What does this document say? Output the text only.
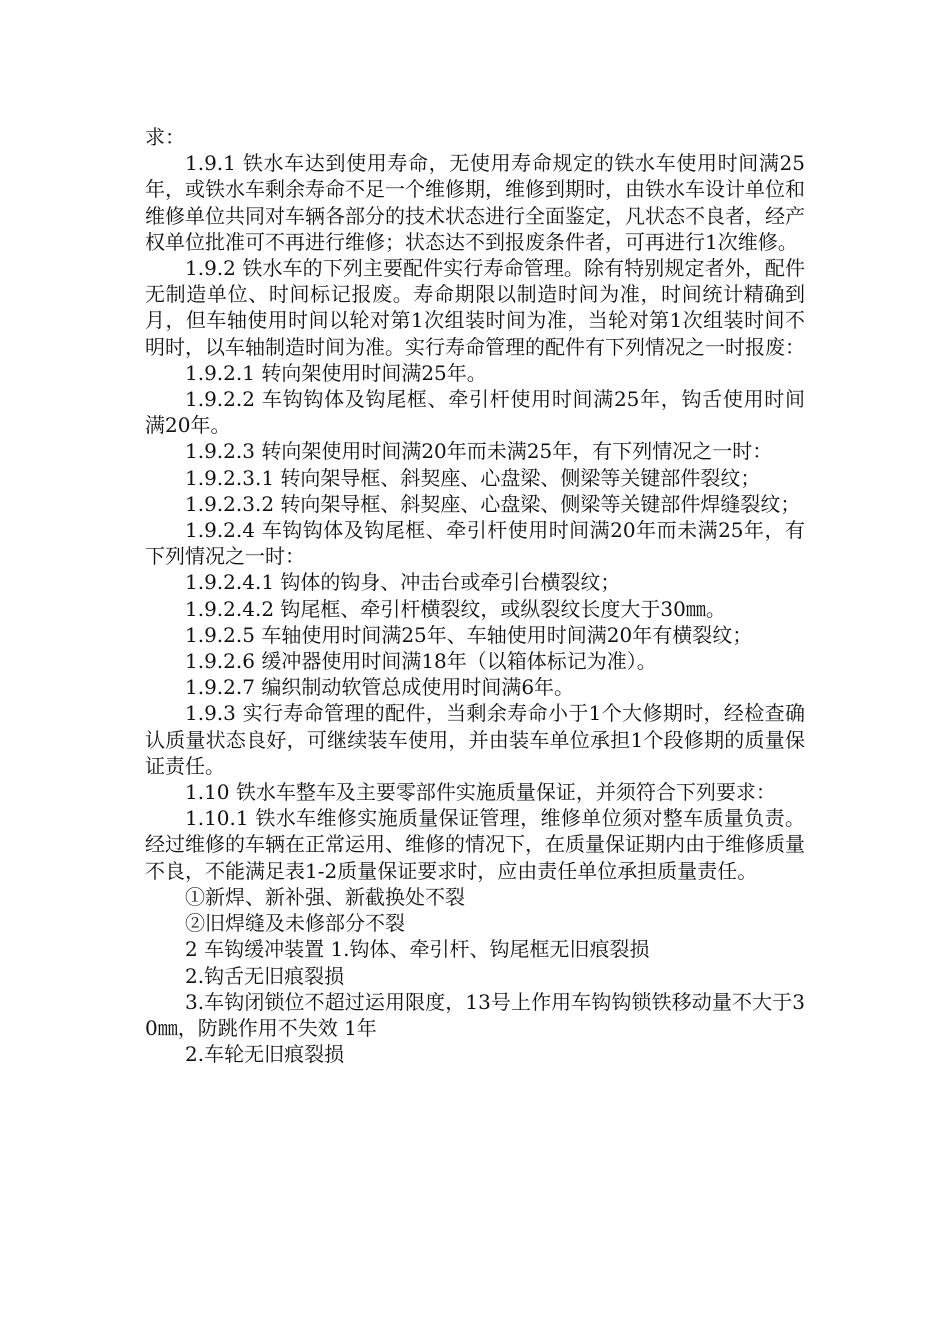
求：

1.9.1 铁水车达到使用寿命，无使用寿命规定的铁水车使用时间满25年，或铁水车剩余寿命不足一个维修期，维修到期时，由铁水车设计单位和维修单位共同对车辆各部分的技术状态进行全面鉴定，凡状态不良者，经产权单位批准可不再进行维修；状态达不到报废条件者，可再进行1次维修。

1.9.2 铁水车的下列主要配件实行寿命管理。除有特别规定者外，配件无制造单位、时间标记报废。寿命期限以制造时间为准，时间统计精确到月，但车轴使用时间以轮对第1次组装时间为准，当轮对第1次组装时间不明时，以车轴制造时间为准。实行寿命管理的配件有下列情况之一时报废：

1.9.2.1 转向架使用时间满25年。

1.9.2.2 车钩钩体及钩尾框、牵引杆使用时间满25年，钩舌使用时间满20年。

1.9.2.3 转向架使用时间满20年而未满25年，有下列情况之一时：

1.9.2.3.1 转向架导框、斜契座、心盘梁、侧梁等关键部件裂纹；

1.9.2.3.2 转向架导框、斜契座、心盘梁、侧梁等关键部件焊缝裂纹；

1.9.2.4 车钩钩体及钩尾框、牵引杆使用时间满20年而未满25年，有下列情况之一时：

1.9.2.4.1 钩体的钩身、冲击台或牵引台横裂纹；

1.9.2.4.2 钩尾框、牵引杆横裂纹，或纵裂纹长度大于30㎜。

1.9.2.5 车轴使用时间满25年、车轴使用时间满20年有横裂纹；

1.9.2.6 缓冲器使用时间满18年（以箱体标记为准）。

1.9.2.7 编织制动软管总成使用时间满6年。

1.9.3 实行寿命管理的配件，当剩余寿命小于1个大修期时，经检查确认质量状态良好，可继续装车使用，并由装车单位承担1个段修期的质量保证责任。

1.10 铁水车整车及主要零部件实施质量保证，并须符合下列要求：

1.10.1 铁水车维修实施质量保证管理，维修单位须对整车质量负责。经过维修的车辆在正常运用、维修的情况下，在质量保证期内由于维修质量不良，不能满足表1-2质量保证要求时，应由责任单位承担质量责任。

①新焊、新补强、新截换处不裂

②旧焊缝及未修部分不裂

2 车钩缓冲装置 1.钩体、牵引杆、钩尾框无旧痕裂损

2.钩舌无旧痕裂损

3.车钩闭锁位不超过运用限度，13号上作用车钩钩锁铁移动量不大于30㎜，防跳作用不失效 1年

2.车轮无旧痕裂损
